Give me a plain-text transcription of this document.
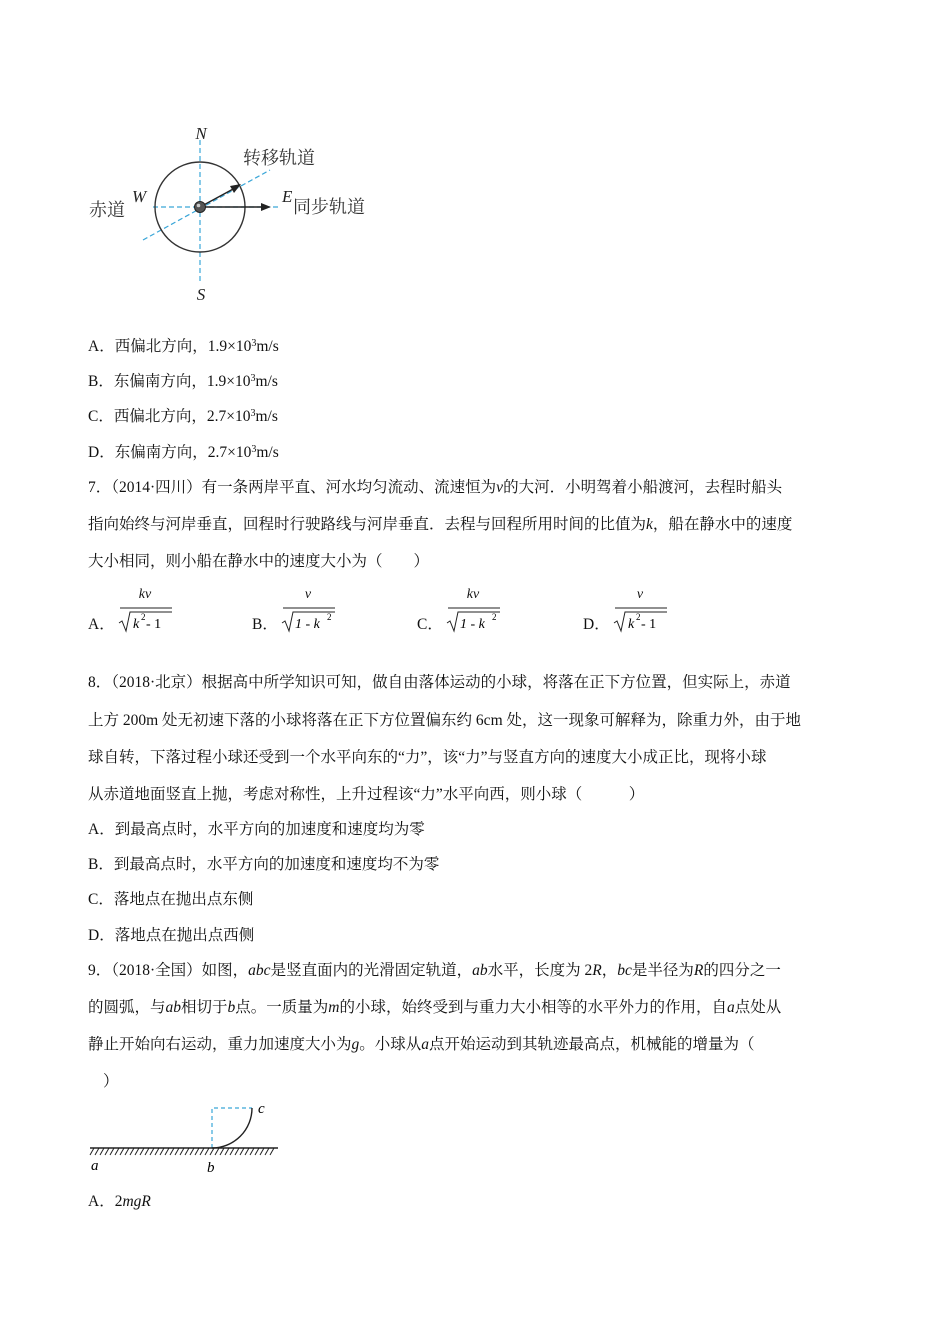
N
S
W	E
赤道
转移轨道
同步轨道
A．西偏北方向，$1.9\times 10^3m/s$
B．东偏南方向，$1.9\times 10^3m/s$
C．西偏北方向，$2.7\times 10^3m/s$
D．东偏南方向，$2.7\times 10^3m/s$
7．（2014·四川）有一条两岸平直、河水均匀流动、流速恒为v的大河．小明驾着小船渡河，去程时船头
指向始终与河岸垂直，回程时行驶路线与河岸垂直．去程与回程所用时间的比值为k，船在静水中的速度
大小相同，则小船在静水中的速度大小为（　　）
A．
kv
k 2 - 1	B．
v
1 - k 2	C．
kv
1 - k 2	D．
v
k 2 - 1
8．（2018·北京）根据高中所学知识可知，做自由落体运动的小球，将落在正下方位置，但实际上，赤道
上方 200m 处无初速下落的小球将落在正下方位置偏东约 6cm 处，这一现象可解释为，除重力外，由于地
球自转，下落过程小球还受到一个水平向东的“力”，该“力”与竖直方向的速度大小成正比，现将小球
从赤道地面竖直上抛，考虑对称性，上升过程该“力”水平向西，则小球（　　　）
A．到最高点时，水平方向的加速度和速度均为零
B．到最高点时，水平方向的加速度和速度均不为零
C．落地点在抛出点东侧
D．落地点在抛出点西侧
9．（2018·全国）如图，abc是竖直面内的光滑固定轨道，ab水平，长度为 2R，bc是半径为R的四分之一
的圆弧，与ab相切于b点。一质量为m的小球，始终受到与重力大小相等的水平外力的作用，自a点处从
静止开始向右运动，重力加速度大小为g。小球从a点开始运动到其轨迹最高点，机械能的增量为（
）
a	b
c
A．2mgR
